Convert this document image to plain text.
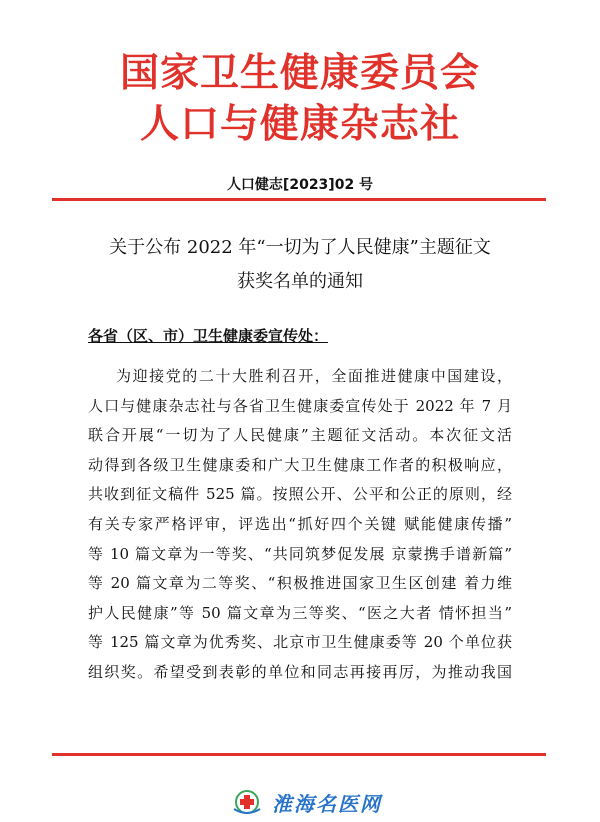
国家卫生健康委员会
人口与健康杂志社
人口健志[2023]02 号
关于公布 2022 年“一切为了人民健康”主题征文
获奖名单的通知
各省（区、市）卫生健康委宣传处：
为迎接党的二十大胜利召开，全面推进健康中国建设，
人口与健康杂志社与各省卫生健康委宣传处于 2022 年 7 月
联合开展“一切为了人民健康”主题征文活动。本次征文活
动得到各级卫生健康委和广大卫生健康工作者的积极响应，
共收到征文稿件 525 篇。按照公开、公平和公正的原则，经
有关专家严格评审，评选出“抓好四个关键 赋能健康传播”
等 10 篇文章为一等奖、“共同筑梦促发展 京蒙携手谱新篇”
等 20 篇文章为二等奖、“积极推进国家卫生区创建 着力维
护人民健康”等 50 篇文章为三等奖、“医之大者 情怀担当”
等 125 篇文章为优秀奖、北京市卫生健康委等 20 个单位获
组织奖。希望受到表彰的单位和同志再接再厉，为推动我国
淮海名医网
